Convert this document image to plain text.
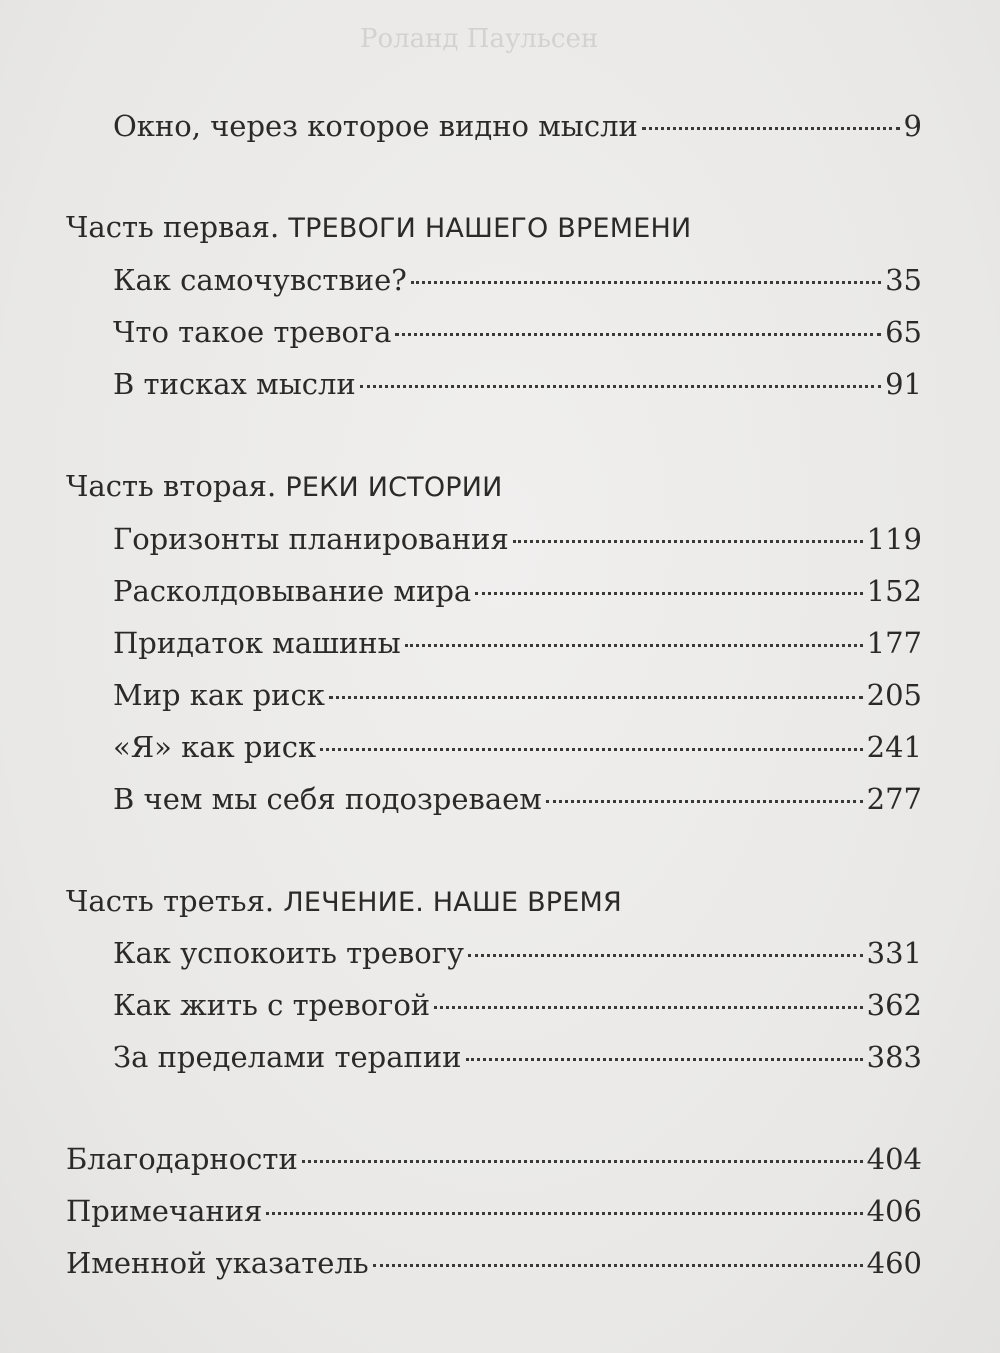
Роланд Паульсен
Окно, через которое видно мысли	9
Часть первая. ТРЕВОГИ НАШЕГО ВРЕМЕНИ
Как самочувствие?	35
Что такое тревога	65
В тисках мысли	91
Часть вторая. РЕКИ ИСТОРИИ
Горизонты планирования	119
Расколдовывание мира	152
Придаток машины	177
Мир как риск	205
«Я» как риск	241
В чем мы себя подозреваем	277
Часть третья. ЛЕЧЕНИЕ. НАШЕ ВРЕМЯ
Как успокоить тревогу	331
Как жить с тревогой	362
За пределами терапии	383
Благодарности	404
Примечания	406
Именной указатель	460
